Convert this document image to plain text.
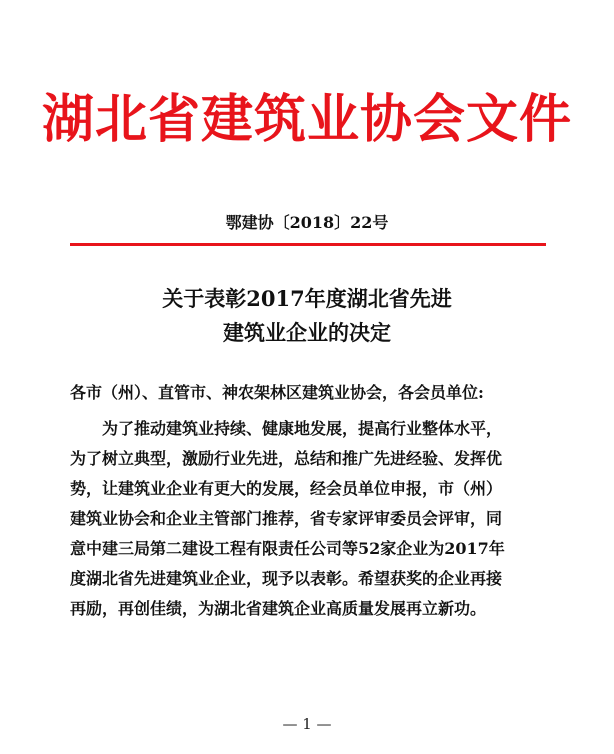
湖北省建筑业协会文件
鄂建协〔2018〕22号
关于表彰2017年度湖北省先进
建筑业企业的决定
各市（州）、直管市、神农架林区建筑业协会，各会员单位:
为了推动建筑业持续、健康地发展，提高行业整体水平，
为了树立典型，激励行业先进，总结和推广先进经验、发挥优
势，让建筑业企业有更大的发展，经会员单位申报，市（州）
建筑业协会和企业主管部门推荐，省专家评审委员会评审，同
意中建三局第二建设工程有限责任公司等52家企业为2017年
度湖北省先进建筑业企业，现予以表彰。希望获奖的企业再接
再励，再创佳绩，为湖北省建筑企业高质量发展再立新功。
— 1 —
